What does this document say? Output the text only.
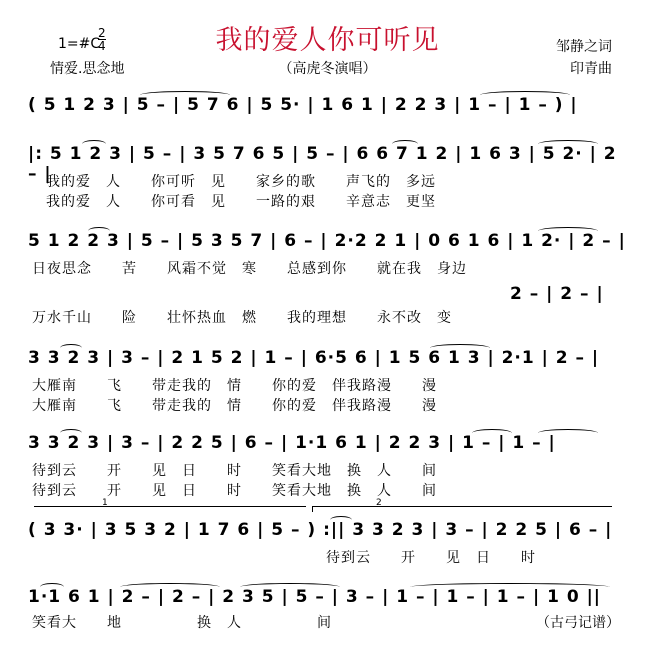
我的爱人你可听见
1=#C
$\frac{2}{4}$
情爱.思念地	（高虎冬演唱）
邹静之词
印青曲
( 5 1 2 3 | 5 – | 5 7 6 | 5 5· | 1 6 1 | 2 2 3 | 1 – | 1 – ) |
|: 5 1 2 3 | 5 – | 3 5 7 6 5 | 5 – | 6 6 7 1 2 | 1 6 3 | 5 2· | 2 – |
我的爱　人　　你可听　见　　家乡的歌　　声飞的　多远
我的爱　人　　你可看　见　　一路的艰　　辛意志　更坚
5 1 2 2 3 | 5 – | 5 3 5 7 | 6 – | 2·2 2 1 | 0 6 1 6 | 1 2· | 2 – |
日夜思念　　苦　　风霜不觉　寒　　总感到你　　就在我　身边
2 – | 2 – |
万水千山　　险　　壮怀热血　燃　　我的理想　　永不改　变
3 3 2 3 | 3 – | 2 1 5 2 | 1 – | 6·5 6 | 1 5 6 1 3 | 2·1 | 2 – |
大雁南　　飞　　带走我的　情　　你的爱　伴我路漫　　漫
大雁南　　飞　　带走我的　情　　你的爱　伴我路漫　　漫
3 3 2 3 | 3 – | 2 2 5 | 6 – | 1·1 6 1 | 2 2 3 | 1 – | 1 – |
待到云　　开　　见　日　　时　　笑看大地　换　人　　间
待到云　　开　　见　日　　时　　笑看大地　换　人　　间
1	2
( 3 3· | 3 5 3 2 | 1 7 6 | 5 – ) :|| 3 3 2 3 | 3 – | 2 2 5 | 6 – |
待到云　　开　　见　日　　时
1·1 6 1 | 2 – | 2 – | 2 3 5 | 5 – | 3 – | 1 – | 1 – | 1 – | 1 0 ||
笑看大　　地　　　　　换　人　　　　　间	（古弓记谱）
